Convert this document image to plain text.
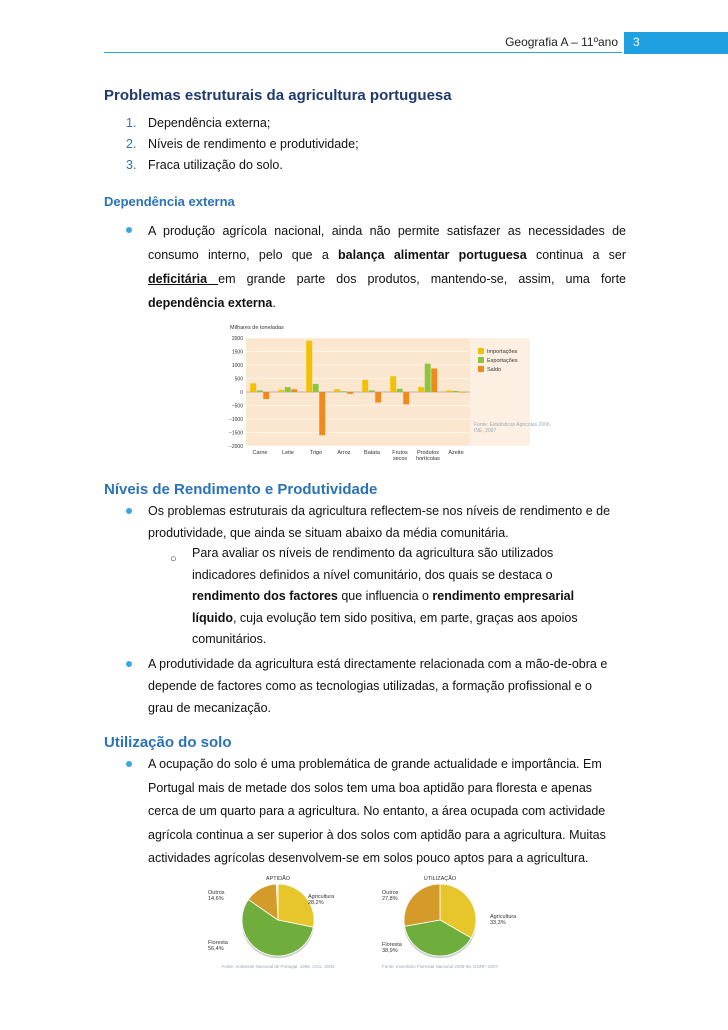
Geografia A – 11ºano	3
Problemas estruturais da agricultura portuguesa
1. Dependência externa;
2. Níveis de rendimento e produtividade;
3. Fraca utilização do solo.
Dependência externa
A produção agrícola nacional, ainda não permite satisfazer as necessidades de consumo interno, pelo que a balança alimentar portuguesa continua a ser deficitária em grande parte dos produtos, mantendo-se, assim, uma forte dependência externa.
Milhares de toneladas
2000
1500
1000
500
0
−500
−1000
−1500
−2000
Carne	Leite	Trigo	Arroz Batata Frutos
secos
Produtos
hortícolas
Azeite
Importações
Exportações
Saldo
Fonte: Estatísticas Agrícolas 2006,
INE, 2007
Níveis de Rendimento e Produtividade
Os problemas estruturais da agricultura reflectem-se nos níveis de rendimento e de
produtividade, que ainda se situam abaixo da média comunitária.
○ Para avaliar os níveis de rendimento da agricultura são utilizados
indicadores definidos a nível comunitário, dos quais se destaca o
rendimento dos factores que influencia o rendimento empresarial
líquido, cuja evolução tem sido positiva, em parte, graças aos apoios
comunitários.
A produtividade da agricultura está directamente relacionada com a mão-de-obra e
depende de factores como as tecnologias utilizadas, a formação profissional e o
grau de mecanização.
Utilização do solo
A ocupação do solo é uma problemática de grande actualidade e importância. Em
Portugal mais de metade dos solos tem uma boa aptidão para floresta e apenas
cerca de um quarto para a agricultura. No entanto, a área ocupada com actividade
agrícola continua a ser superior à dos solos com aptidão para a agricultura. Muitas
actividades agrícolas desenvolvem-se em solos pouco aptos para a agricultura.
APTIDÃO
Agricultura
28,2%
Floresta
56,4%
Outros
14,6%
Fonte: Ambiente Nacional de Portugal, 1999, ACIL, 2003
UTILIZAÇÃO
Agricultura
33,3%
Floresta
38,9%
Outros
27,8%
Fonte: Inventário Florestal Nacional 2005-06, DGRF, 2007
